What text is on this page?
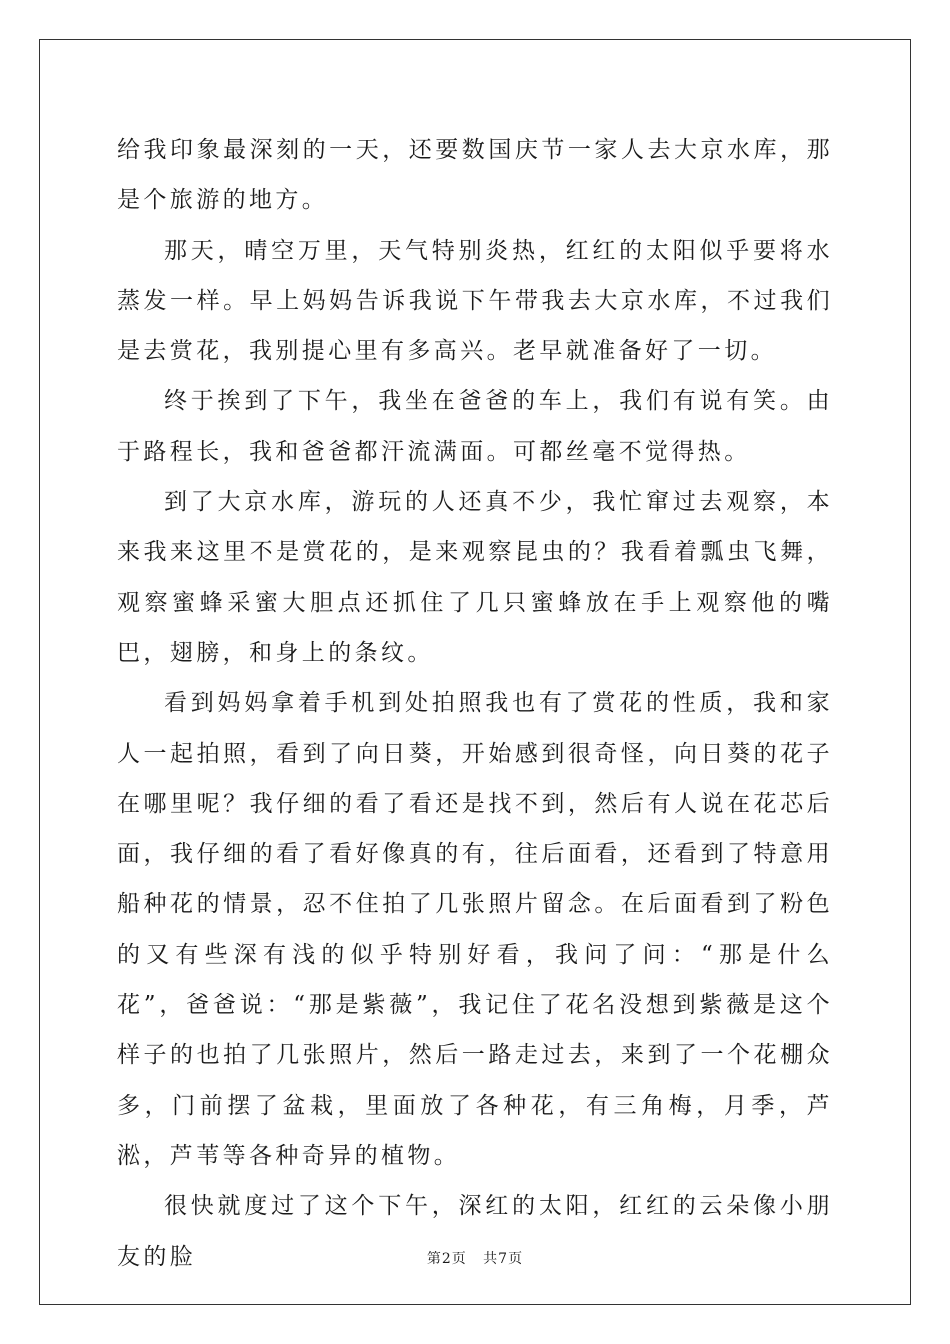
给我印象最深刻的一天，还要数国庆节一家人去大京水库，那是个旅游的地方。

那天，晴空万里，天气特别炎热，红红的太阳似乎要将水蒸发一样。早上妈妈告诉我说下午带我去大京水库，不过我们是去赏花，我别提心里有多高兴。老早就准备好了一切。

终于挨到了下午，我坐在爸爸的车上，我们有说有笑。由于路程长，我和爸爸都汗流满面。可都丝毫不觉得热。

到了大京水库，游玩的人还真不少，我忙窜过去观察，本来我来这里不是赏花的，是来观察昆虫的？我看着瓢虫飞舞，观察蜜蜂采蜜大胆点还抓住了几只蜜蜂放在手上观察他的嘴巴，翅膀，和身上的条纹。

看到妈妈拿着手机到处拍照我也有了赏花的性质，我和家人一起拍照，看到了向日葵，开始感到很奇怪，向日葵的花子在哪里呢？我仔细的看了看还是找不到，然后有人说在花芯后面，我仔细的看了看好像真的有，往后面看，还看到了特意用船种花的情景，忍不住拍了几张照片留念。在后面看到了粉色的又有些深有浅的似乎特别好看，我问了问：“那是什么花”，爸爸说：“那是紫薇”，我记住了花名没想到紫薇是这个样子的也拍了几张照片，然后一路走过去，来到了一个花棚众多，门前摆了盆栽，里面放了各种花，有三角梅，月季，芦淞，芦苇等各种奇异的植物。

很快就度过了这个下午，深红的太阳，红红的云朵像小朋友的脸	第2页 共7页
